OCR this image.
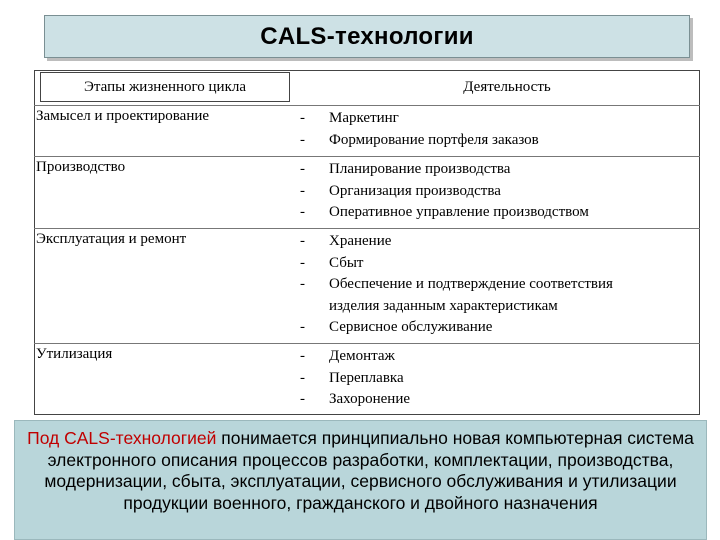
CALS-технологии
Этапы жизненного цикла	Деятельность
Замысел и проектирование	- Маркетинг
- Формирование портфеля заказов
Производство	- Планирование производства
- Организация производства
- Оперативное управление производством
Эксплуатация и ремонт	- Хранение
- Сбыт
- Обеспечение и подтверждение соответствия
изделия заданным характеристикам
- Сервисное обслуживание
Утилизация	- Демонтаж
- Переплавка
- Захоронение
Под CALS-технологией понимается принципиально новая компьютерная система электронного описания процессов разработки, комплектации, производства, модернизации, сбыта, эксплуатации, сервисного обслуживания и утилизации продукции военного, гражданского и двойного назначения
